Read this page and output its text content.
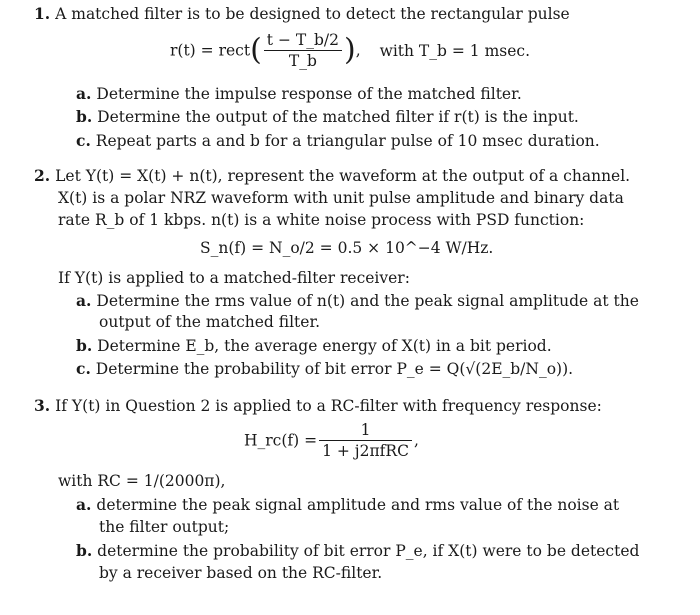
1. A matched filter is to be designed to detect the rectangular pulse
r(t) = rect( $\frac{t - T\_b/2}{T\_b}$ ), with T_b = 1 msec.
a. Determine the impulse response of the matched filter.
b. Determine the output of the matched filter if r(t) is the input.
c. Repeat parts a and b for a triangular pulse of 10 msec duration.
2. Let Y(t) = X(t) + n(t), represent the waveform at the output of a channel.
X(t) is a polar NRZ waveform with unit pulse amplitude and binary data
rate R_b of 1 kbps. n(t) is a white noise process with PSD function:
S_n(f) = N_o/2 = 0.5 × 10^−4 W/Hz.
If Y(t) is applied to a matched-filter receiver:
a. Determine the rms value of n(t) and the peak signal amplitude at the
output of the matched filter.
b. Determine E_b, the average energy of X(t) in a bit period.
c. Determine the probability of bit error P_e = Q(√(2E_b/N_o)).
3. If Y(t) in Question 2 is applied to a RC-filter with frequency response:
H_rc(f) = $\frac{1}{\text{1 + j2πfRC}}$ ,
with RC = 1/(2000π),
a. determine the peak signal amplitude and rms value of the noise at
the filter output;
b. determine the probability of bit error P_e, if X(t) were to be detected
by a receiver based on the RC-filter.
